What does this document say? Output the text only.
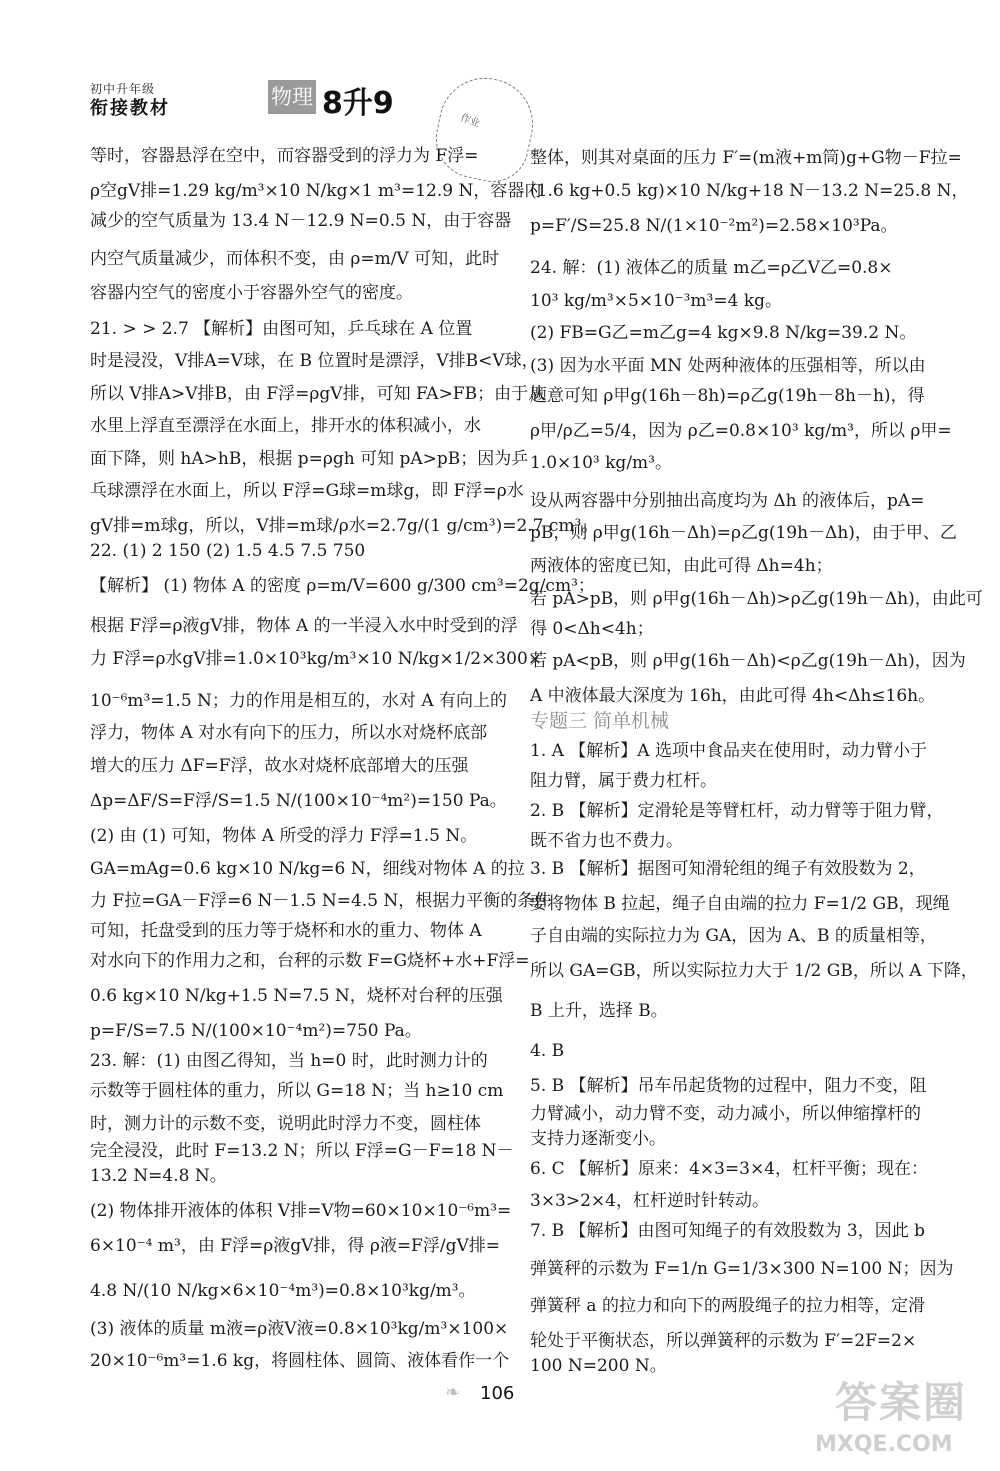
初中升年级
衔接教材	物理 8升9
作业
等时，容器悬浮在空中，而容器受到的浮力为 F浮=
ρ空gV排=1.29 kg/m³×10 N/kg×1 m³=12.9 N，容器内
减少的空气质量为 13.4 N－12.9 N=0.5 N，由于容器
内空气质量减少，而体积不变，由 ρ=m/V 可知，此时
容器内空气的密度小于容器外空气的密度。
21. > > 2.7 【解析】由图可知，乒乓球在 A 位置
时是浸没，V排A=V球，在 B 位置时是漂浮，V排B<V球，
所以 V排A>V排B，由 F浮=ρgV排，可知 FA>FB；由于从
水里上浮直至漂浮在水面上，排开水的体积减小，水
面下降，则 hA>hB，根据 p=ρgh 可知 pA>pB；因为乒
乓球漂浮在水面上，所以 F浮=G球=m球g，即 F浮=ρ水
gV排=m球g，所以，V排=m球/ρ水=2.7g/(1 g/cm³)=2.7 cm³。
22. (1) 2 150 (2) 1.5 4.5 7.5 750
【解析】 (1) 物体 A 的密度 ρ=m/V=600 g/300 cm³=2g/cm³；
根据 F浮=ρ液gV排，物体 A 的一半浸入水中时受到的浮
力 F浮=ρ水gV排=1.0×10³kg/m³×10 N/kg×1/2×300×
10⁻⁶m³=1.5 N；力的作用是相互的，水对 A 有向上的
浮力，物体 A 对水有向下的压力，所以水对烧杯底部
增大的压力 ΔF=F浮，故水对烧杯底部增大的压强
Δp=ΔF/S=F浮/S=1.5 N/(100×10⁻⁴m²)=150 Pa。
(2) 由 (1) 可知，物体 A 所受的浮力 F浮=1.5 N。
GA=mAg=0.6 kg×10 N/kg=6 N，细线对物体 A 的拉
力 F拉=GA－F浮=6 N－1.5 N=4.5 N，根据力平衡的条件
可知，托盘受到的压力等于烧杯和水的重力、物体 A
对水向下的作用力之和，台秤的示数 F=G烧杯+水+F浮=
0.6 kg×10 N/kg+1.5 N=7.5 N，烧杯对台秤的压强
p=F/S=7.5 N/(100×10⁻⁴m²)=750 Pa。
23. 解：(1) 由图乙得知，当 h=0 时，此时测力计的
示数等于圆柱体的重力，所以 G=18 N；当 h≥10 cm
时，测力计的示数不变，说明此时浮力不变，圆柱体
完全浸没，此时 F=13.2 N；所以 F浮=G－F=18 N－
13.2 N=4.8 N。
(2) 物体排开液体的体积 V排=V物=60×10×10⁻⁶m³=
6×10⁻⁴ m³，由 F浮=ρ液gV排，得 ρ液=F浮/gV排=
4.8 N/(10 N/kg×6×10⁻⁴m³)=0.8×10³kg/m³。
(3) 液体的质量 m液=ρ液V液=0.8×10³kg/m³×100×
20×10⁻⁶m³=1.6 kg，将圆柱体、圆筒、液体看作一个
整体，则其对桌面的压力 F′=(m液+m筒)g+G物－F拉=
(1.6 kg+0.5 kg)×10 N/kg+18 N－13.2 N=25.8 N，
p=F′/S=25.8 N/(1×10⁻²m²)=2.58×10³Pa。
24. 解：(1) 液体乙的质量 m乙=ρ乙V乙=0.8×
10³ kg/m³×5×10⁻³m³=4 kg。
(2) FB=G乙=m乙g=4 kg×9.8 N/kg=39.2 N。
(3) 因为水平面 MN 处两种液体的压强相等，所以由
题意可知 ρ甲g(16h－8h)=ρ乙g(19h－8h－h)，得
ρ甲/ρ乙=5/4，因为 ρ乙=0.8×10³ kg/m³，所以 ρ甲=
1.0×10³ kg/m³。
设从两容器中分别抽出高度均为 Δh 的液体后，pA=
pB，则 ρ甲g(16h－Δh)=ρ乙g(19h－Δh)，由于甲、乙
两液体的密度已知，由此可得 Δh=4h；
若 pA>pB，则 ρ甲g(16h－Δh)>ρ乙g(19h－Δh)，由此可
得 0<Δh<4h；
若 pA<pB，则 ρ甲g(16h－Δh)<ρ乙g(19h－Δh)，因为
A 中液体最大深度为 16h，由此可得 4h<Δh≤16h。
1. A 【解析】A 选项中食品夹在使用时，动力臂小于
阻力臂，属于费力杠杆。
2. B 【解析】定滑轮是等臂杠杆，动力臂等于阻力臂，
既不省力也不费力。
3. B 【解析】据图可知滑轮组的绳子有效股数为 2，
要将物体 B 拉起，绳子自由端的拉力 F=1/2 GB，现绳
子自由端的实际拉力为 GA，因为 A、B 的质量相等，
所以 GA=GB，所以实际拉力大于 1/2 GB，所以 A 下降，
B 上升，选择 B。
4. B
5. B 【解析】吊车吊起货物的过程中，阻力不变，阻
力臂减小，动力臂不变，动力减小，所以伸缩撑杆的
支持力逐渐变小。
6. C 【解析】原来：4×3=3×4，杠杆平衡；现在：
3×3>2×4，杠杆逆时针转动。
7. B 【解析】由图可知绳子的有效股数为 3，因此 b
弹簧秤的示数为 F=1/n G=1/3×300 N=100 N；因为
弹簧秤 a 的拉力和向下的两股绳子的拉力相等，定滑
轮处于平衡状态，所以弹簧秤的示数为 F′=2F=2×
100 N=200 N。
专题三 简单机械
❧ 106	答案圈
MXQE.COM
